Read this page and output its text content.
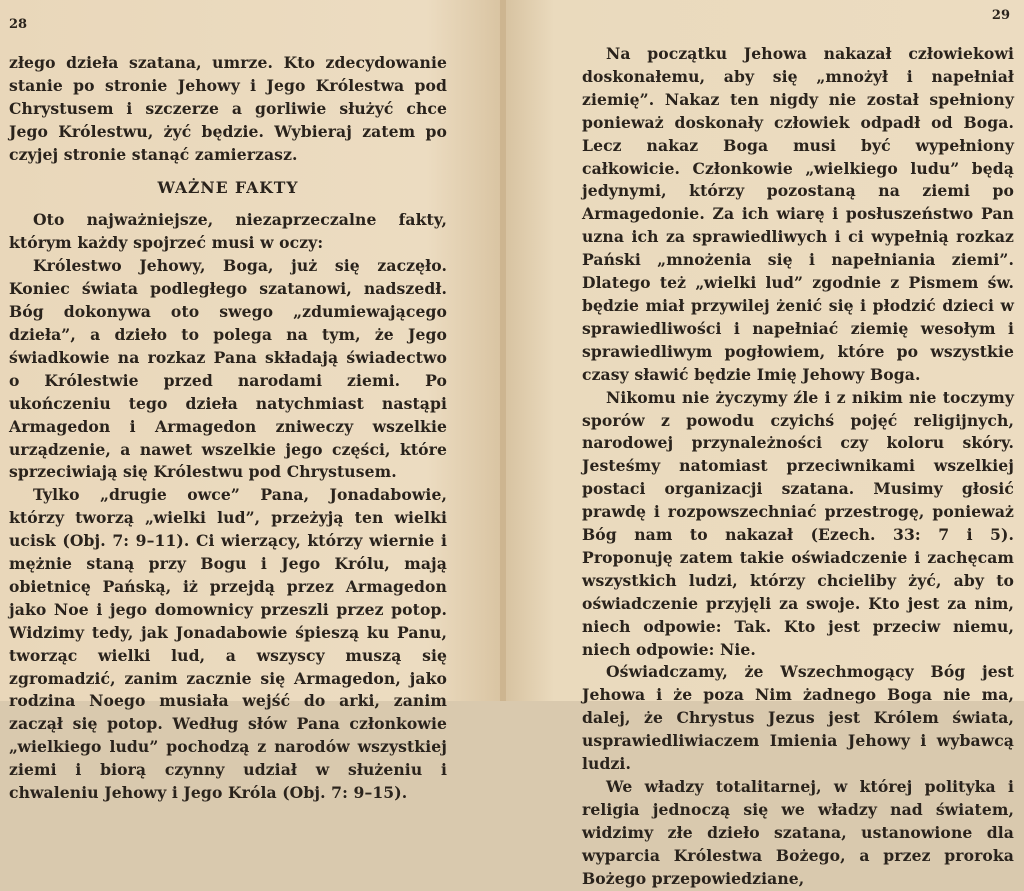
28

złego dzieła szatana, umrze. Kto zdecydowanie stanie po stronie Jehowy i Jego Królestwa pod Chrystusem i szczerze a gorliwie służyć chce Jego Królestwu, żyć będzie. Wybieraj zatem po czyjej stronie stanąć zamierzasz.

WAŻNE FAKTY

Oto najważniejsze, niezaprzeczalne fakty, którym każdy spojrzeć musi w oczy:

Królestwo Jehowy, Boga, już się zaczęło. Koniec świata podległego szatanowi, nadszedł. Bóg dokonywa oto swego „zdumiewającego dzieła”, a dzieło to polega na tym, że Jego świadkowie na rozkaz Pana składają świadectwo o Królestwie przed narodami ziemi. Po ukończeniu tego dzieła natychmiast nastąpi Armagedon i Armagedon zniweczy wszelkie urządzenie, a nawet wszelkie jego części, które sprzeciwiają się Królestwu pod Chrystusem.

Tylko „drugie owce” Pana, Jonadabowie, którzy tworzą „wielki lud”, przeżyją ten wielki ucisk (Obj. 7: 9–11). Ci wierzący, którzy wiernie i mężnie staną przy Bogu i Jego Królu, mają obietnicę Pańską, iż przejdą przez Armagedon jako Noe i jego domownicy przeszli przez potop. Widzimy tedy, jak Jonadabowie śpieszą ku Panu, tworząc wielki lud, a wszyscy muszą się zgromadzić, zanim zacznie się Armagedon, jako rodzina Noego musiała wejść do arki, zanim zaczął się potop. Według słów Pana członkowie „wielkiego ludu” pochodzą z narodów wszystkiej ziemi i biorą czynny udział w służeniu i chwaleniu Jehowy i Jego Króla (Obj. 7: 9–15).

29

Na początku Jehowa nakazał człowiekowi doskonałemu, aby się „mnożył i napełniał ziemię”. Nakaz ten nigdy nie został spełniony ponieważ doskonały człowiek odpadł od Boga. Lecz nakaz Boga musi być wypełniony całkowicie. Członkowie „wielkiego ludu” będą jedynymi, którzy pozostaną na ziemi po Armagedonie. Za ich wiarę i posłuszeństwo Pan uzna ich za sprawiedliwych i ci wypełnią rozkaz Pański „mnożenia się i napełniania ziemi”. Dlatego też „wielki lud” zgodnie z Pismem św. będzie miał przywilej żenić się i płodzić dzieci w sprawiedliwości i napełniać ziemię wesołym i sprawiedliwym pogłowiem, które po wszystkie czasy sławić będzie Imię Jehowy Boga.

Nikomu nie życzymy źle i z nikim nie toczymy sporów z powodu czyichś pojęć religijnych, narodowej przynależności czy koloru skóry. Jesteśmy natomiast przeciwnikami wszelkiej postaci organizacji szatana. Musimy głosić prawdę i rozpowszechniać przestrogę, ponieważ Bóg nam to nakazał (Ezech. 33: 7 i 5). Proponuję zatem takie oświadczenie i zachęcam wszystkich ludzi, którzy chcieliby żyć, aby to oświadczenie przyjęli za swoje. Kto jest za nim, niech odpowie: Tak. Kto jest przeciw niemu, niech odpowie: Nie.

Oświadczamy, że Wszechmogący Bóg jest Jehowa i że poza Nim żadnego Boga nie ma, dalej, że Chrystus Jezus jest Królem świata, usprawiedliwiaczem Imienia Jehowy i wybawcą ludzi.

We władzy totalitarnej, w której polityka i religia jednoczą się we władzy nad światem, widzimy złe dzieło szatana, ustanowione dla wyparcia Królestwa Bożego, a przez proroka Bożego przepowiedziane,
